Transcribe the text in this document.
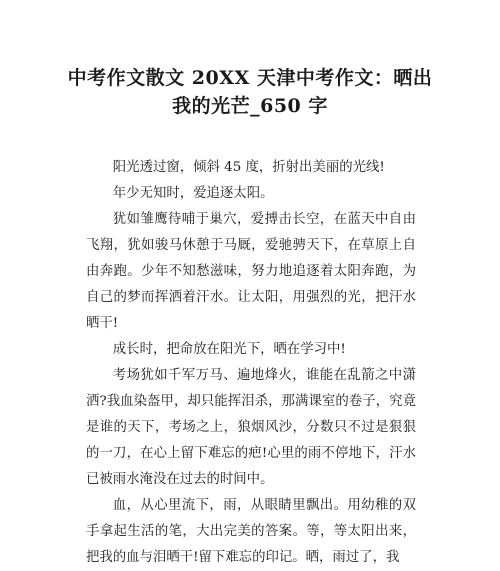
中考作文散文 20XX 天津中考作文：晒出
我的光芒_650 字

阳光透过窗，倾斜 45 度，折射出美丽的光线!

年少无知时，爱追逐太阳。

犹如雏鹰待哺于巢穴，爱搏击长空，在蓝天中自由飞翔，犹如骏马休憩于马厩，爱驰骋天下，在草原上自由奔跑。少年不知愁滋味，努力地追逐着太阳奔跑，为自己的梦而挥洒着汗水。让太阳，用强烈的光，把汗水晒干!

成长时，把命放在阳光下，晒在学习中!

考场犹如千军万马、遍地烽火，谁能在乱箭之中潇洒?我血染盔甲，却只能挥泪杀，那满课室的卷子，究竟是谁的天下，考场之上，狼烟风沙，分数只不过是狠狠的一刀，在心上留下难忘的疤!心里的雨不停地下，汗水已被雨水淹没在过去的时间中。

血，从心里流下，雨，从眼睛里飘出。用幼稚的双手拿起生活的笔，大出完美的答案。等，等太阳出来，把我的血与泪晒干!留下难忘的印记。晒，雨过了，我
